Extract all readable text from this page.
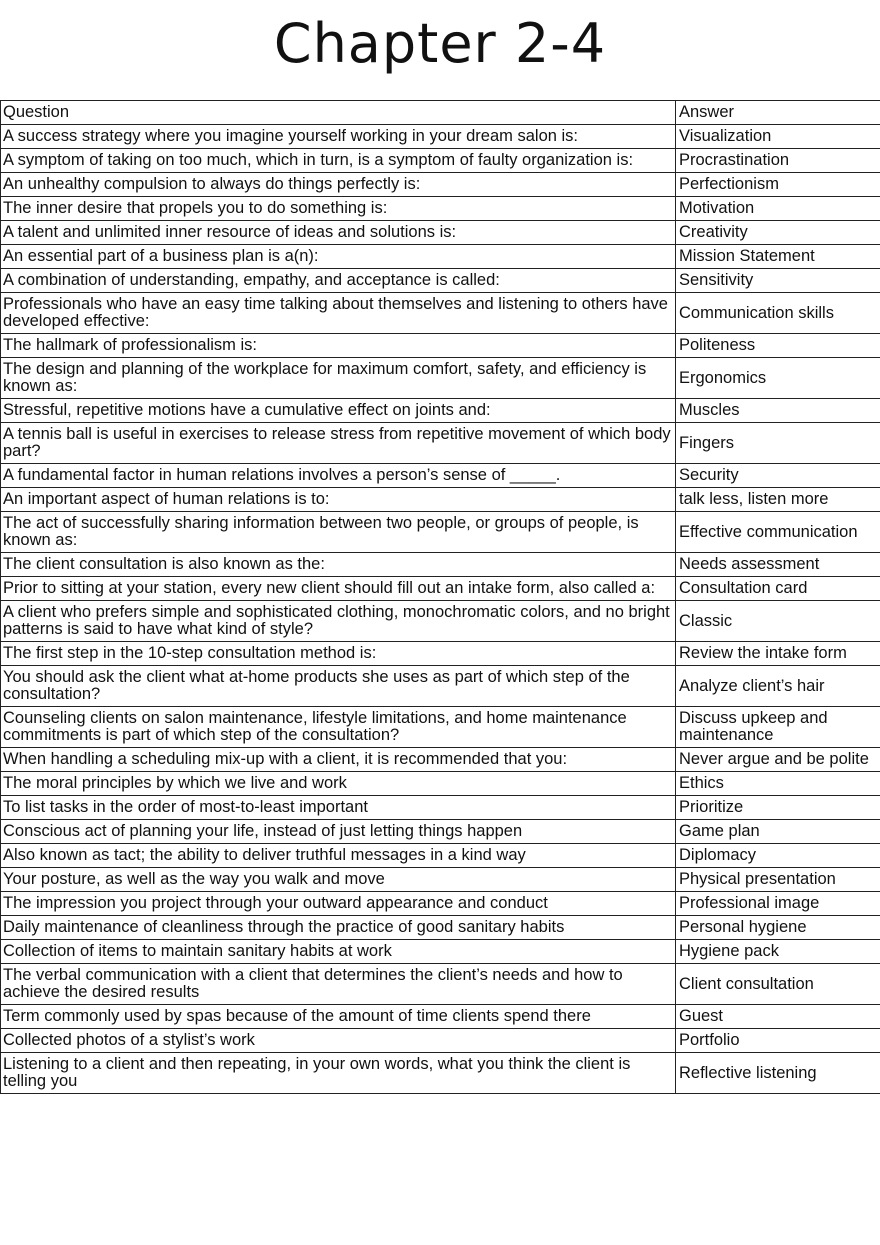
Chapter 2-4
Question	Answer
A success strategy where you imagine yourself working in your dream salon is:	Visualization
A symptom of taking on too much, which in turn, is a symptom of faulty organization is:	Procrastination
An unhealthy compulsion to always do things perfectly is:	Perfectionism
The inner desire that propels you to do something is:	Motivation
A talent and unlimited inner resource of ideas and solutions is:	Creativity
An essential part of a business plan is a(n):	Mission Statement
A combination of understanding, empathy, and acceptance is called:	Sensitivity
Professionals who have an easy time talking about themselves and listening to others have developed effective:	Communication skills
The hallmark of professionalism is:	Politeness
The design and planning of the workplace for maximum comfort, safety, and efficiency is known as:	Ergonomics
Stressful, repetitive motions have a cumulative effect on joints and:	Muscles
A tennis ball is useful in exercises to release stress from repetitive movement of which body part?	Fingers
A fundamental factor in human relations involves a person’s sense of _____.	Security
An important aspect of human relations is to:	talk less, listen more
The act of successfully sharing information between two people, or groups of people, is known as:	Effective communication
The client consultation is also known as the:	Needs assessment
Prior to sitting at your station, every new client should fill out an intake form, also called a:	Consultation card
A client who prefers simple and sophisticated clothing, monochromatic colors, and no bright patterns is said to have what kind of style?	Classic
The first step in the 10-step consultation method is:	Review the intake form
You should ask the client what at-home products she uses as part of which step of the consultation?	Analyze client’s hair
Counseling clients on salon maintenance, lifestyle limitations, and home maintenance commitments is part of which step of the consultation?	Discuss upkeep and maintenance
When handling a scheduling mix-up with a client, it is recommended that you:	Never argue and be polite
The moral principles by which we live and work	Ethics
To list tasks in the order of most-to-least important	Prioritize
Conscious act of planning your life, instead of just letting things happen	Game plan
Also known as tact; the ability to deliver truthful messages in a kind way	Diplomacy
Your posture, as well as the way you walk and move	Physical presentation
The impression you project through your outward appearance and conduct	Professional image
Daily maintenance of cleanliness through the practice of good sanitary habits	Personal hygiene
Collection of items to maintain sanitary habits at work	Hygiene pack
The verbal communication with a client that determines the client’s needs and how to achieve the desired results	Client consultation
Term commonly used by spas because of the amount of time clients spend there	Guest
Collected photos of a stylist’s work	Portfolio
Listening to a client and then repeating, in your own words, what you think the client is telling you	Reflective listening
